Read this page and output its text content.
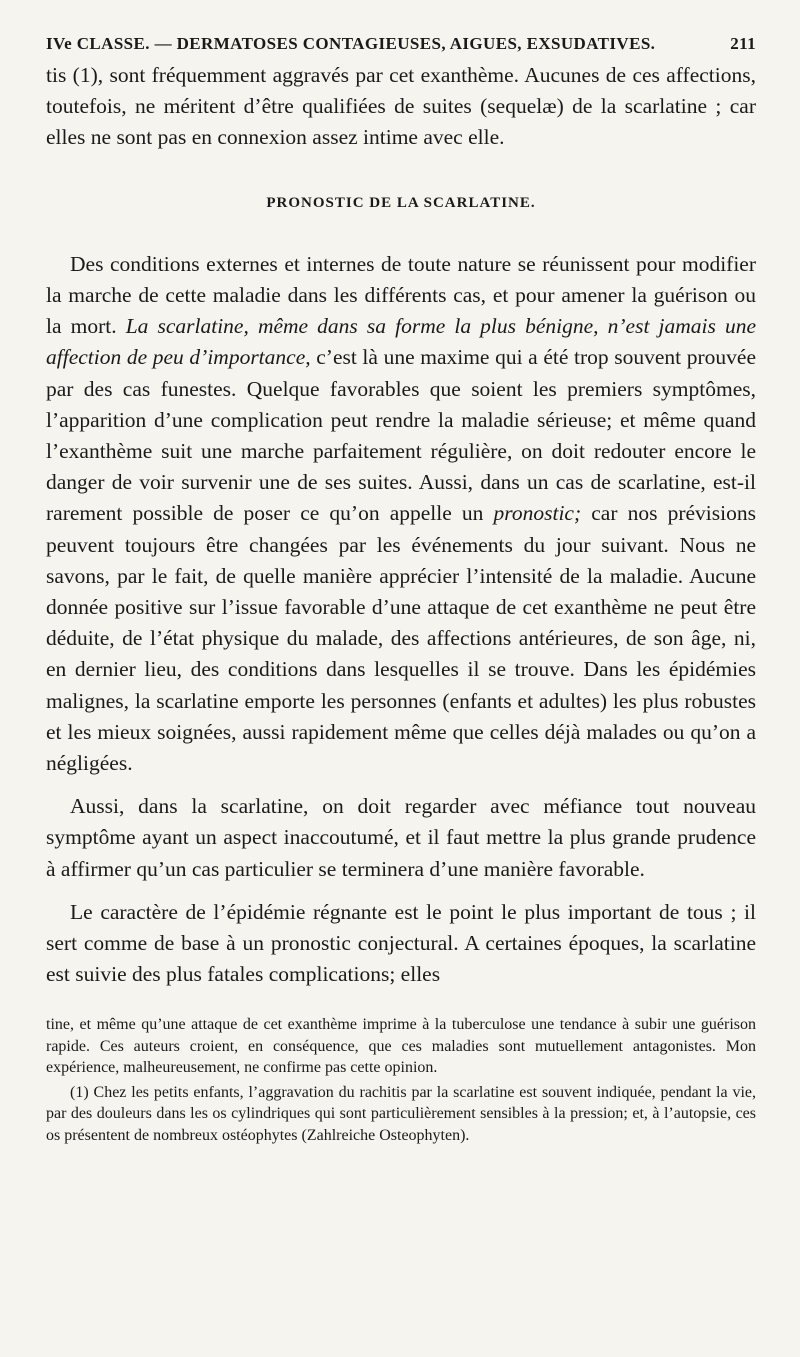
IVe CLASSE. — DERMATOSES CONTAGIEUSES, AIGUES, EXSUDATIVES.	211

tis (1), sont fréquemment aggravés par cet exanthème. Aucunes de ces affections, toutefois, ne méritent d’être qualifiées de suites (sequelæ) de la scarlatine ; car elles ne sont pas en connexion assez intime avec elle.

PRONOSTIC DE LA SCARLATINE.

Des conditions externes et internes de toute nature se réunissent pour modifier la marche de cette maladie dans les différents cas, et pour amener la guérison ou la mort. La scarlatine, même dans sa forme la plus bénigne, n’est jamais une affection de peu d’importance, c’est là une maxime qui a été trop souvent prouvée par des cas funestes. Quelque favorables que soient les premiers symptômes, l’apparition d’une complication peut rendre la maladie sérieuse; et même quand l’exanthème suit une marche parfaitement régulière, on doit redouter encore le danger de voir survenir une de ses suites. Aussi, dans un cas de scarlatine, est-il rarement possible de poser ce qu’on appelle un pronostic; car nos prévisions peuvent toujours être changées par les événements du jour suivant. Nous ne savons, par le fait, de quelle manière apprécier l’intensité de la maladie. Aucune donnée positive sur l’issue favorable d’une attaque de cet exanthème ne peut être déduite, de l’état physique du malade, des affections antérieures, de son âge, ni, en dernier lieu, des conditions dans lesquelles il se trouve. Dans les épidémies malignes, la scarlatine emporte les personnes (enfants et adultes) les plus robustes et les mieux soignées, aussi rapidement même que celles déjà malades ou qu’on a négligées.

Aussi, dans la scarlatine, on doit regarder avec méfiance tout nouveau symptôme ayant un aspect inaccoutumé, et il faut mettre la plus grande prudence à affirmer qu’un cas particulier se terminera d’une manière favorable.

Le caractère de l’épidémie régnante est le point le plus important de tous ; il sert comme de base à un pronostic conjectural. A certaines époques, la scarlatine est suivie des plus fatales complications; elles

tine, et même qu’une attaque de cet exanthème imprime à la tuberculose une tendance à subir une guérison rapide. Ces auteurs croient, en conséquence, que ces maladies sont mutuellement antagonistes. Mon expérience, malheureusement, ne confirme pas cette opinion.

(1) Chez les petits enfants, l’aggravation du rachitis par la scarlatine est souvent indiquée, pendant la vie, par des douleurs dans les os cylindriques qui sont particulièrement sensibles à la pression; et, à l’autopsie, ces os présentent de nombreux ostéophytes (Zahlreiche Osteophyten).
